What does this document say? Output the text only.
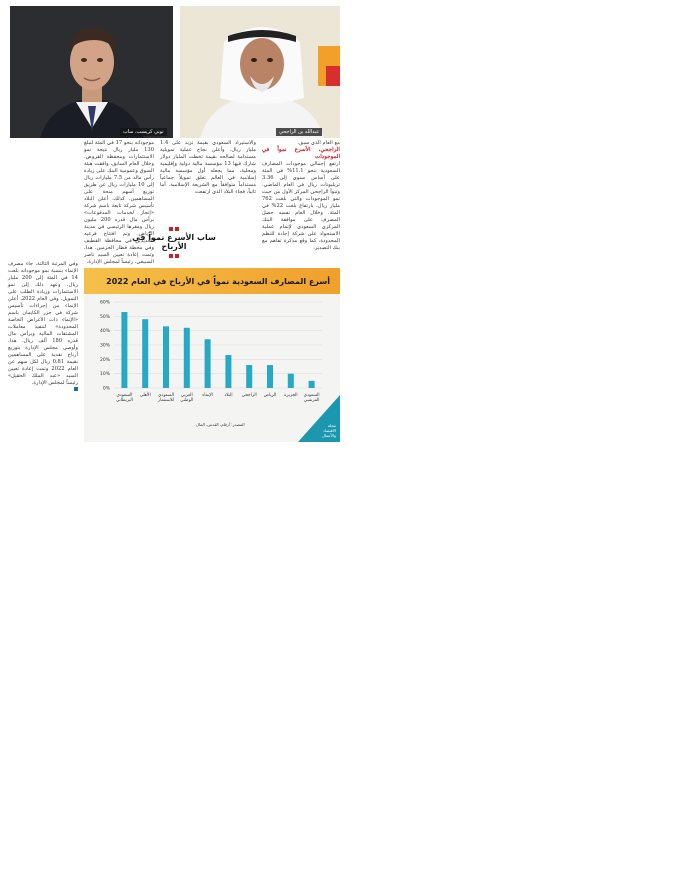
توني كريسب، ساب	عبدالله بن الراجحي

مع العام الذي سبق.

الراجحي، الأسرع نمواً في الموجودات

ارتفع إجمالي موجودات المصارف السعودية بنحو 11.1% في المئة على أساس سنوي إلى 3.36 تريليونات ريال في العام الماضي. وتبوأ الراجحي المركز الأول من حيث نمو الموجودات والتي بلغت 762 مليار ريال، بارتفاع بلغت 22% في المئة. وخلال العام نفسه حصل المصرف على موافقة البنك المركزي السعودي لإتمام عملية الاستحواذ على شركة إجادة للنظم المحدودة، كما وقع مذكرة تفاهم مع بنك التصدير.

والاستيراد السعودي بقيمة تزيد على 1.4 مليار ريال. وأعلن نجاح عملية تمويلية مستدامة لصالحه بقيمة تخطت المليار دولار شارك فيها 13 مؤسسة مالية دولية وإقليمية ومحلية، مما يجعله أول مؤسسة مالية إسلامية في العالم تغلق تمويلاً جماعياً مستداماً متوافقاً مع الشريعة الإسلامية. أما ثانياً، فجاء البلاد الذي ارتفعت

موجوداته بنحو 17 في المئة لتبلغ 130 مليار ريال نتيجة نمو الاستثمارات ومحفظة القروض. وخلال العام السابق، وافقت هيئة السوق وعمومية البنك على زيادة رأس ماله من 7.5 مليارات ريال إلى 10 مليارات ريال عن طريق توزيع أسهم منحة على المساهمين. كذلك، أعلن البلاد تأسيس شركة تابعة باسم شركة «إنجاز لخدمات المدفوعات» برأس مال قدره 200 مليون ريال ومقرها الرئيسي في مدينة الرياض. وتم افتتاح فرعيه الجديدين في محافظة القطيف وفي محطة قطار الحرمين. هذا، وتمت إعادة تعيين السيد ناصر السبيعي، رئيساً لمجلس الإدارة.

وفي المرتبة الثالثة، جاء مصرف الإنماء بنسبة نمو موجوداته بلغت 14 في المئة إلى 200 مليار ريال. وعهد ذلك إلى نمو الاستثمارات وزيادة الطلب على التمويل. وفي العام 2022، أعلن الإنماء من إجراءات تأسيس شركة في جزر الكايمان باسم «الإنماء ذات الأغراض الخاصة المحدودة» لتنفيذ معاملات المشتقات المالية وبرأس مال قدره 180 ألف ريال. هذا، وأوصى مجلس الإدارة بتوزيع أرباح نقدية على المساهمين بقيمة 0.81 ريال لكل سهم عن العام 2022 وتمت إعادة تعيين السيد «عبد الملك الحقيل» رئيساً لمجلس الإدارة.

ساب الأسرع نمواً في الأرباح
أسرع المصارف السعودية نمواً في الأرباح في العام 2022
0%
10%
20%
30%
40%
50%
60%
السعودي الفرنسي
الجزيرة
الرياض
الراجحي
البلاد
الإنماء
العربي الوطني
السعودي للاستثمار
الأهلي
السعودي البريطاني
المصدر: أرقام، القدس، المال	مجلة الاقتصاد والأعمال
